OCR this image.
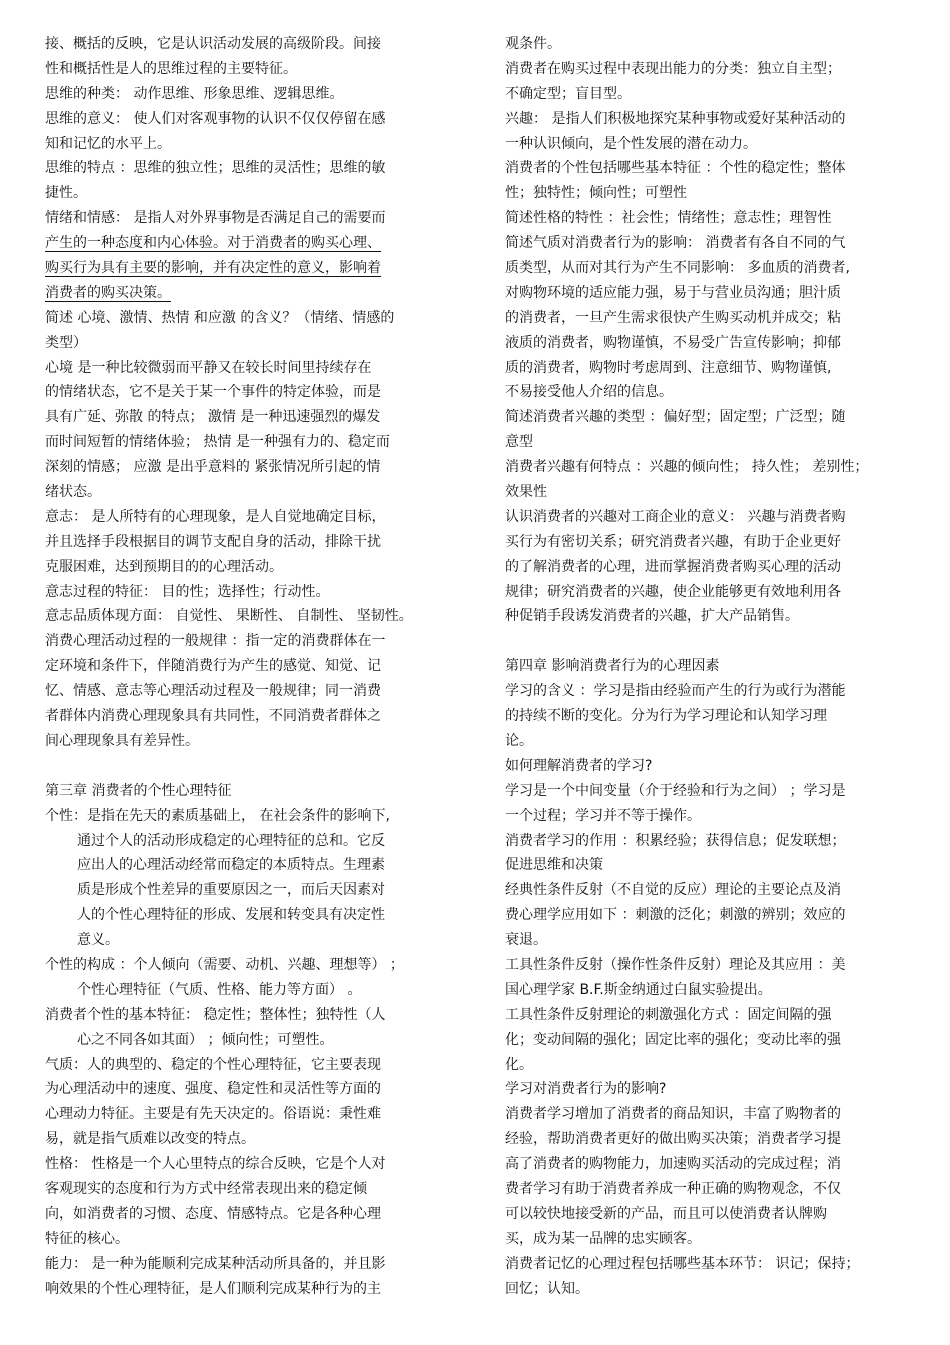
接、概括的反映，它是认识活动发展的高级阶段。间接
性和概括性是人的思维过程的主要特征。
思维的种类： 动作思维、形象思维、逻辑思维。
思维的意义： 使人们对客观事物的认识不仅仅停留在感
知和记忆的水平上。
思维的特点 ：思维的独立性；思维的灵活性；思维的敏
捷性。
情绪和情感： 是指人对外界事物是否满足自己的需要而
产生的一种态度和内心体验。对于消费者的购买心理、
购买行为具有主要的影响，并有决定性的意义，影响着
消费者的购买决策。
简述 心境、激情、热情 和应激 的含义？（情绪、情感的
类型）
心境 是一种比较微弱而平静又在较长时间里持续存在
的情绪状态，它不是关于某一个事件的特定体验，而是
具有广延、弥散 的特点； 激情 是一种迅速强烈的爆发
而时间短暂的情绪体验； 热情 是一种强有力的、稳定而
深刻的情感； 应激 是出乎意料的 紧张情况所引起的情
绪状态。
意志： 是人所特有的心理现象，是人自觉地确定目标，
并且选择手段根据目的调节支配自身的活动，排除干扰
克服困难，达到预期目的的心理活动。
意志过程的特征： 目的性；选择性；行动性。
意志品质体现方面： 自觉性、 果断性、 自制性、 坚韧性。
消费心理活动过程的一般规律 ：指一定的消费群体在一
定环境和条件下，伴随消费行为产生的感觉、知觉、记
忆、情感、意志等心理活动过程及一般规律；同一消费
者群体内消费心理现象具有共同性，不同消费者群体之
间心理现象具有差异性。
第三章 消费者的个性心理特征
个性：是指在先天的素质基础上， 在社会条件的影响下,
通过个人的活动形成稳定的心理特征的总和。它反
应出人的心理活动经常而稳定的本质特点。生理素
质是形成个性差异的重要原因之一，而后天因素对
人的个性心理特征的形成、发展和转变具有决定性
意义。
个性的构成 ：个人倾向（需要、动机、兴趣、理想等） ；
个性心理特征（气质、性格、能力等方面） 。
消费者个性的基本特征： 稳定性；整体性；独特性（人
心之不同各如其面） ；倾向性；可塑性。
气质：人的典型的、稳定的个性心理特征，它主要表现
为心理活动中的速度、强度、稳定性和灵活性等方面的
心理动力特征。主要是有先天决定的。俗语说：秉性难
易，就是指气质难以改变的特点。
性格： 性格是一个人心里特点的综合反映，它是个人对
客观现实的态度和行为方式中经常表现出来的稳定倾
向，如消费者的习惯、态度、情感特点。它是各种心理
特征的核心。
能力： 是一种为能顺利完成某种活动所具备的，并且影
响效果的个性心理特征，是人们顺利完成某种行为的主
观条件。
消费者在购买过程中表现出能力的分类：独立自主型；
不确定型；盲目型。
兴趣： 是指人们积极地探究某种事物或爱好某种活动的
一种认识倾向，是个性发展的潜在动力。
消费者的个性包括哪些基本特征 ：个性的稳定性；整体
性；独特性；倾向性；可塑性
简述性格的特性 ：社会性；情绪性；意志性；理智性
简述气质对消费者行为的影响： 消费者有各自不同的气
质类型，从而对其行为产生不同影响： 多血质的消费者,
对购物环境的适应能力强，易于与营业员沟通；胆汁质
的消费者，一旦产生需求很快产生购买动机并成交；粘
液质的消费者，购物谨慎，不易受广告宣传影响；抑郁
质的消费者，购物时考虑周到、注意细节、购物谨慎,
不易接受他人介绍的信息。
简述消费者兴趣的类型 ：偏好型；固定型；广泛型；随
意型
消费者兴趣有何特点 ：兴趣的倾向性； 持久性； 差别性；
效果性
认识消费者的兴趣对工商企业的意义： 兴趣与消费者购
买行为有密切关系；研究消费者兴趣，有助于企业更好
的了解消费者的心理，进而掌握消费者购买心理的活动
规律；研究消费者的兴趣，使企业能够更有效地利用各
种促销手段诱发消费者的兴趣，扩大产品销售。
第四章 影响消费者行为的心理因素
学习的含义 ：学习是指由经验而产生的行为或行为潜能
的持续不断的变化。分为行为学习理论和认知学习理
论。
如何理解消费者的学习?
学习是一个中间变量（介于经验和行为之间） ；学习是
一个过程；学习并不等于操作。
消费者学习的作用 ：积累经验；获得信息；促发联想；
促进思维和决策
经典性条件反射（不自觉的反应）理论的主要论点及消
费心理学应用如下 ：刺激的泛化；刺激的辨别；效应的
衰退。
工具性条件反射（操作性条件反射）理论及其应用 ：美
国心理学家 B.F.斯金纳通过白鼠实验提出。
工具性条件反射理论的刺激强化方式 ：固定间隔的强
化；变动间隔的强化；固定比率的强化；变动比率的强
化。
学习对消费者行为的影响?
消费者学习增加了消费者的商品知识，丰富了购物者的
经验，帮助消费者更好的做出购买决策；消费者学习提
高了消费者的购物能力，加速购买活动的完成过程；消
费者学习有助于消费者养成一种正确的购物观念，不仅
可以较快地接受新的产品，而且可以使消费者认牌购
买，成为某一品牌的忠实顾客。
消费者记忆的心理过程包括哪些基本环节： 识记；保持；
回忆；认知。
